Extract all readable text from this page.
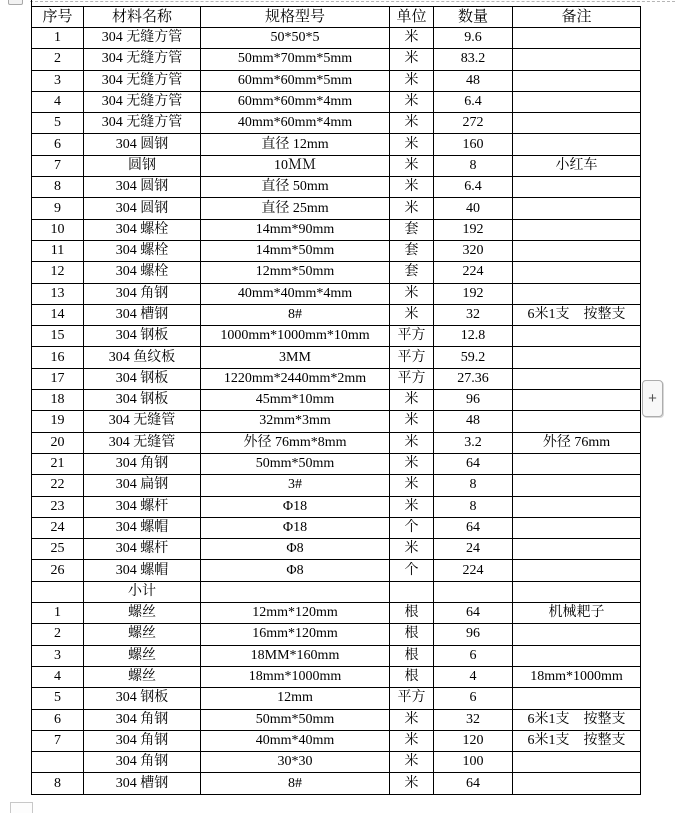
序号	材料名称	规格型号	单位	数量	备注
1	304 无缝方管	50*50*5	米	9.6	
2	304 无缝方管	50mm*70mm*5mm	米	83.2	
3	304 无缝方管	60mm*60mm*5mm	米	48	
4	304 无缝方管	60mm*60mm*4mm	米	6.4	
5	304 无缝方管	40mm*60mm*4mm	米	272	
6	304 圆钢	直径 12mm	米	160	
7	圆钢	10ＭＭ	米	8	小红车
8	304 圆钢	直径 50mm	米	6.4	
9	304 圆钢	直径 25mm	米	40	
10	304 螺栓	14mm*90mm	套	192	
11	304 螺栓	14mm*50mm	套	320	
12	304 螺栓	12mm*50mm	套	224	
13	304 角钢	40mm*40mm*4mm	米	192	
14	304 槽钢	8#	米	32	6米1支　按整支
15	304 钢板	1000mm*1000mm*10mm	平方	12.8	
16	304 鱼纹板	3MM	平方	59.2	
17	304 钢板	1220mm*2440mm*2mm	平方	27.36	
18	304 钢板	45mm*10mm	米	96	
19	304 无缝管	32mm*3mm	米	48	
20	304 无缝管	外径 76mm*8mm	米	3.2	外径 76mm
21	304 角钢	50mm*50mm	米	64	
22	304 扁钢	3#	米	8	
23	304 螺杆	Φ18	米	8	
24	304 螺帽	Φ18	个	64	
25	304 螺杆	Φ8	米	24	
26	304 螺帽	Φ8	个	224	
	小计				
1	螺丝	12mm*120mm	根	64	机械耙子
2	螺丝	16mm*120mm	根	96	
3	螺丝	18MM*160mm	根	6	
4	螺丝	18mm*1000mm	根	4	18mm*1000mm
5	304 钢板	12mm	平方	6	
6	304 角钢	50mm*50mm	米	32	6米1支　按整支
7	304 角钢	40mm*40mm	米	120	6米1支　按整支
	304 角钢	30*30	米	100	
8	304 槽钢	8#	米	64	
+
